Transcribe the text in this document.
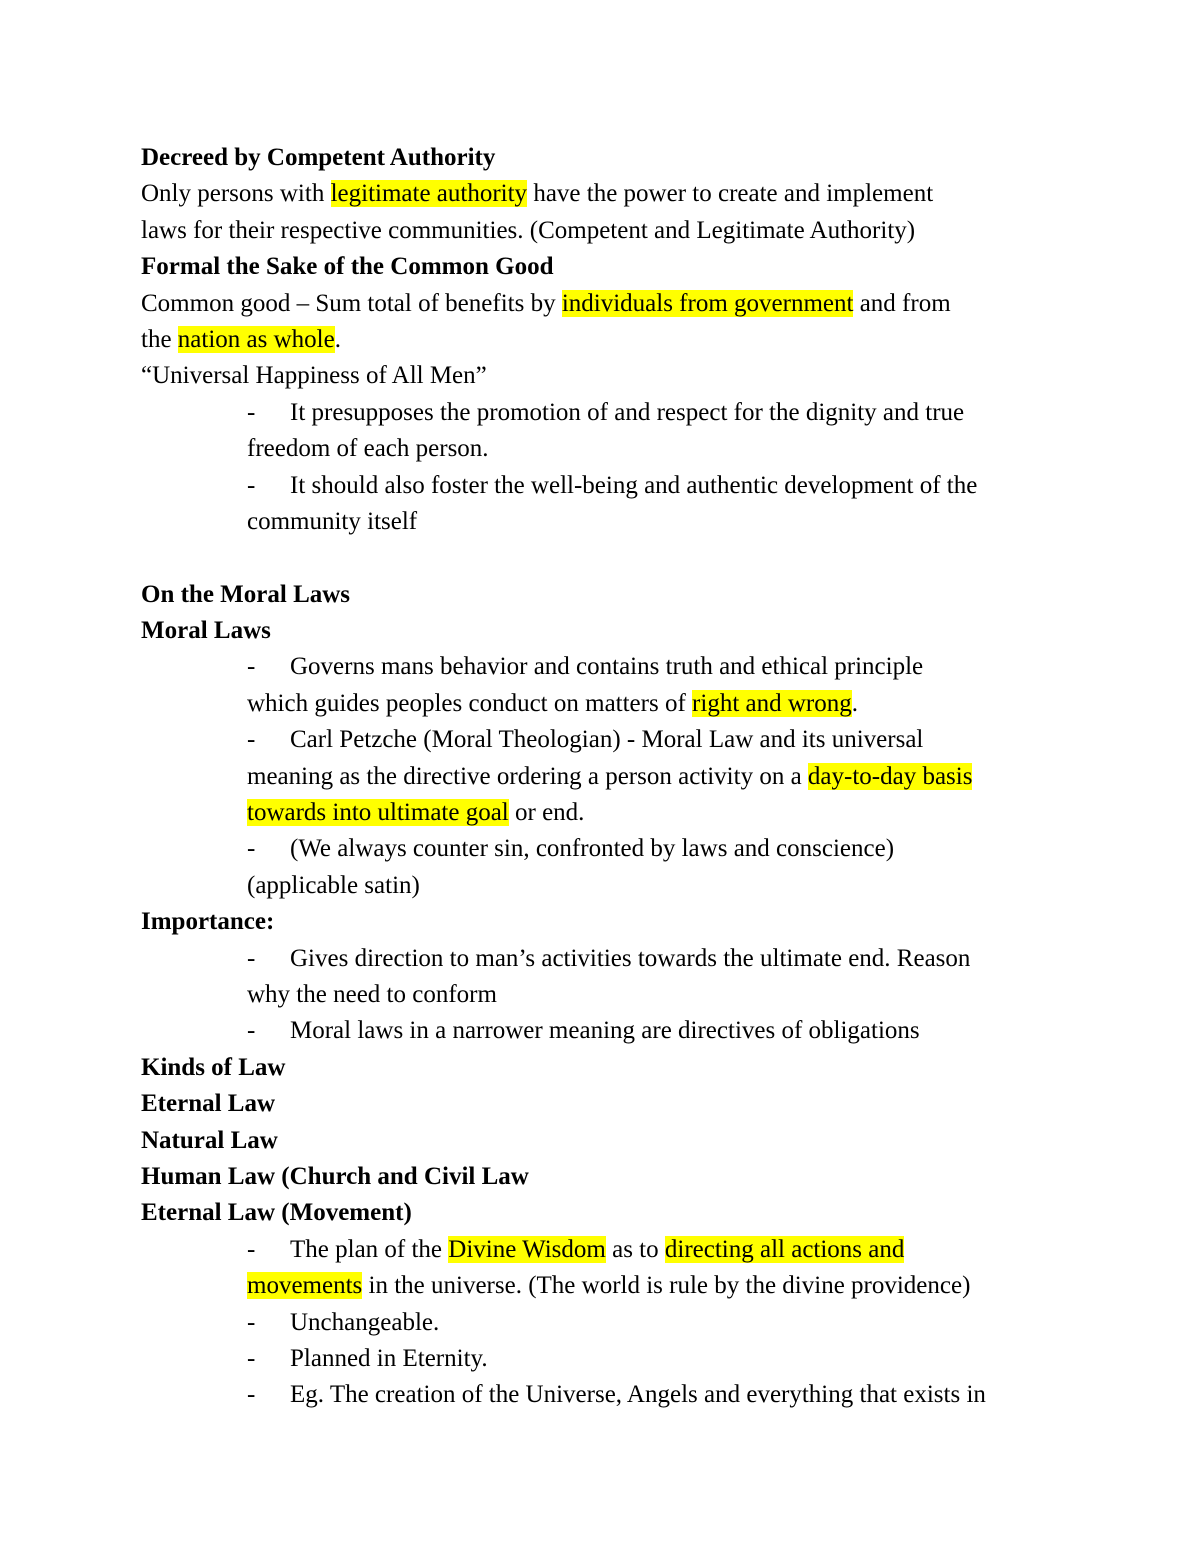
Decreed by Competent Authority
Only persons with legitimate authority have the power to create and implement
laws for their respective communities. (Competent and Legitimate Authority)
Formal the Sake of the Common Good
Common good – Sum total of benefits by individuals from government and from
the nation as whole.
“Universal Happiness of All Men”
- It presupposes the promotion of and respect for the dignity and true
freedom of each person.
- It should also foster the well-being and authentic development of the
community itself
On the Moral Laws
Moral Laws
- Governs mans behavior and contains truth and ethical principle
which guides peoples conduct on matters of right and wrong.
- Carl Petzche (Moral Theologian) - Moral Law and its universal
meaning as the directive ordering a person activity on a day-to-day basis
towards into ultimate goal or end.
- (We always counter sin, confronted by laws and conscience)
(applicable satin)
Importance:
- Gives direction to man’s activities towards the ultimate end. Reason
why the need to conform
- Moral laws in a narrower meaning are directives of obligations
Kinds of Law
Eternal Law
Natural Law
Human Law (Church and Civil Law
Eternal Law (Movement)
- The plan of the Divine Wisdom as to directing all actions and
movements in the universe. (The world is rule by the divine providence)
- Unchangeable.
- Planned in Eternity.
- Eg. The creation of the Universe, Angels and everything that exists in
